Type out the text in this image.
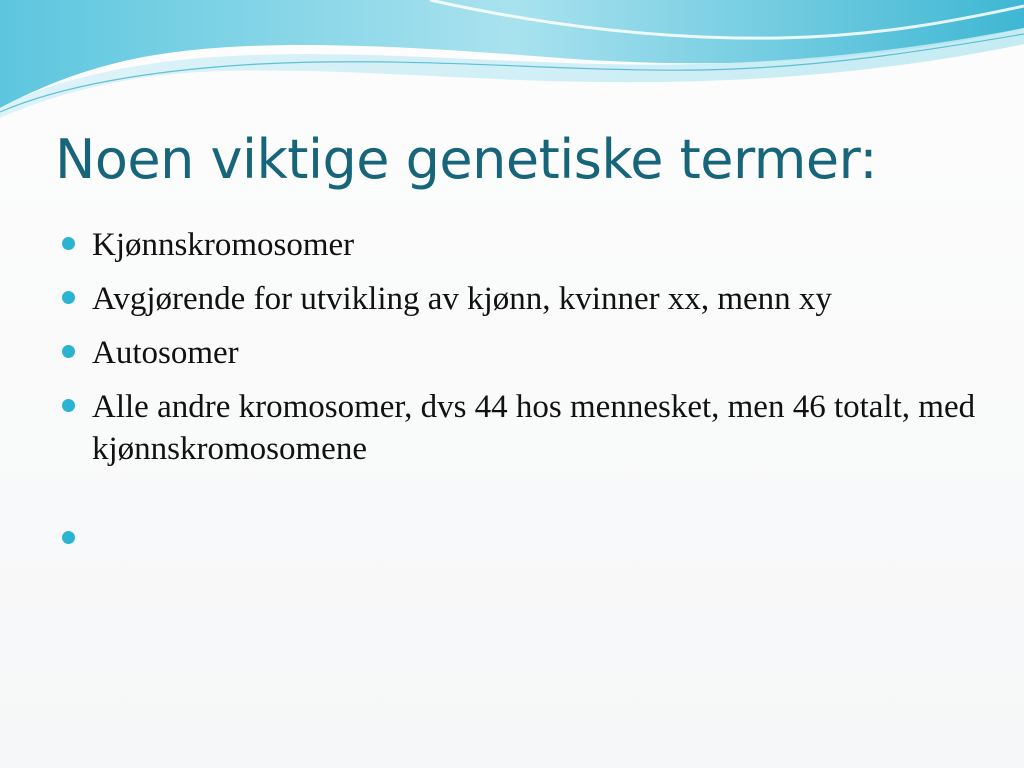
Noen viktige genetiske termer:
Kjønnskromosomer
Avgjørende for utvikling av kjønn, kvinner xx, menn xy
Autosomer
Alle andre kromosomer, dvs 44 hos mennesket, men 46 totalt, med kjønnskromosomene
